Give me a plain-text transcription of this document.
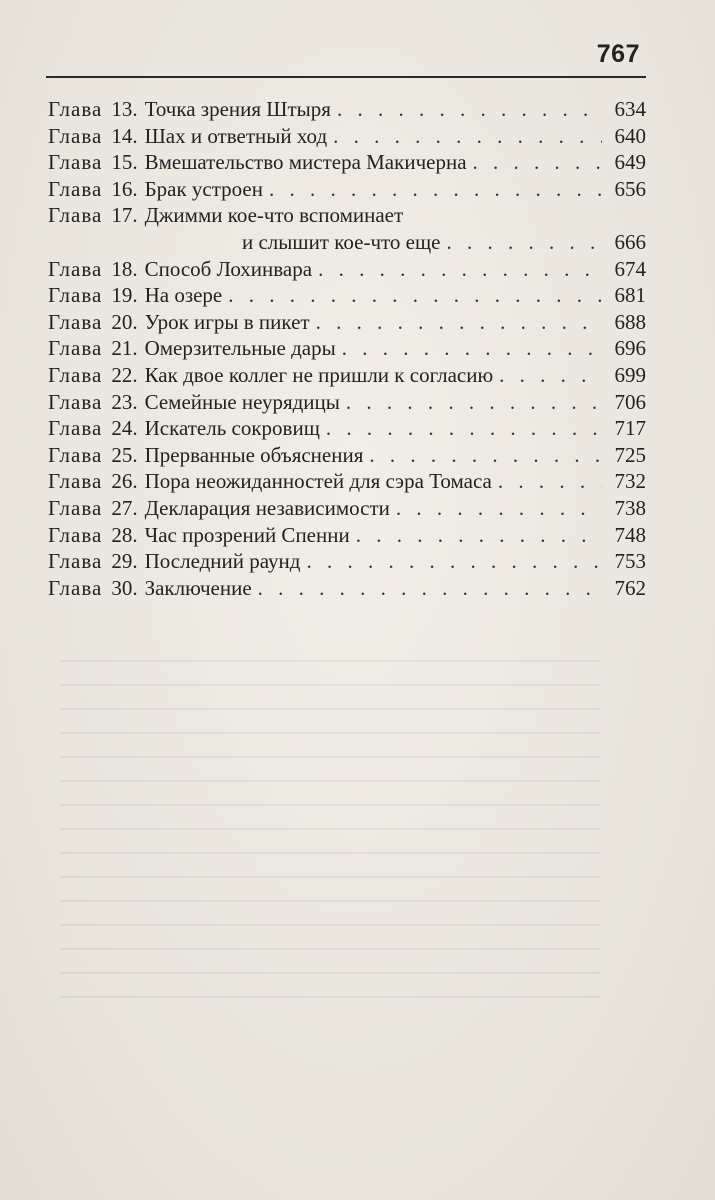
767
Глава 13. Точка зрения Штыря . . .	634
Глава 14. Шах и ответный ход . . .	640
Глава 15. Вмешательство мистера Макичерна . . .	649
Глава 16. Брак устроен . . .	656
Глава 17. Джимми кое-что вспоминает
и слышит кое-что еще . . .	666
Глава 18. Способ Лохинвара . . .	674
Глава 19. На озере . . .	681
Глава 20. Урок игры в пикет . . .	688
Глава 21. Омерзительные дары . . .	696
Глава 22. Как двое коллег не пришли к согласию . . .	699
Глава 23. Семейные неурядицы . . .	706
Глава 24. Искатель сокровищ . . .	717
Глава 25. Прерванные объяснения . . .	725
Глава 26. Пора неожиданностей для сэра Томаса . . .	732
Глава 27. Декларация независимости . . .	738
Глава 28. Час прозрений Спенни . . .	748
Глава 29. Последний раунд . . .	753
Глава 30. Заключение . . .	762
